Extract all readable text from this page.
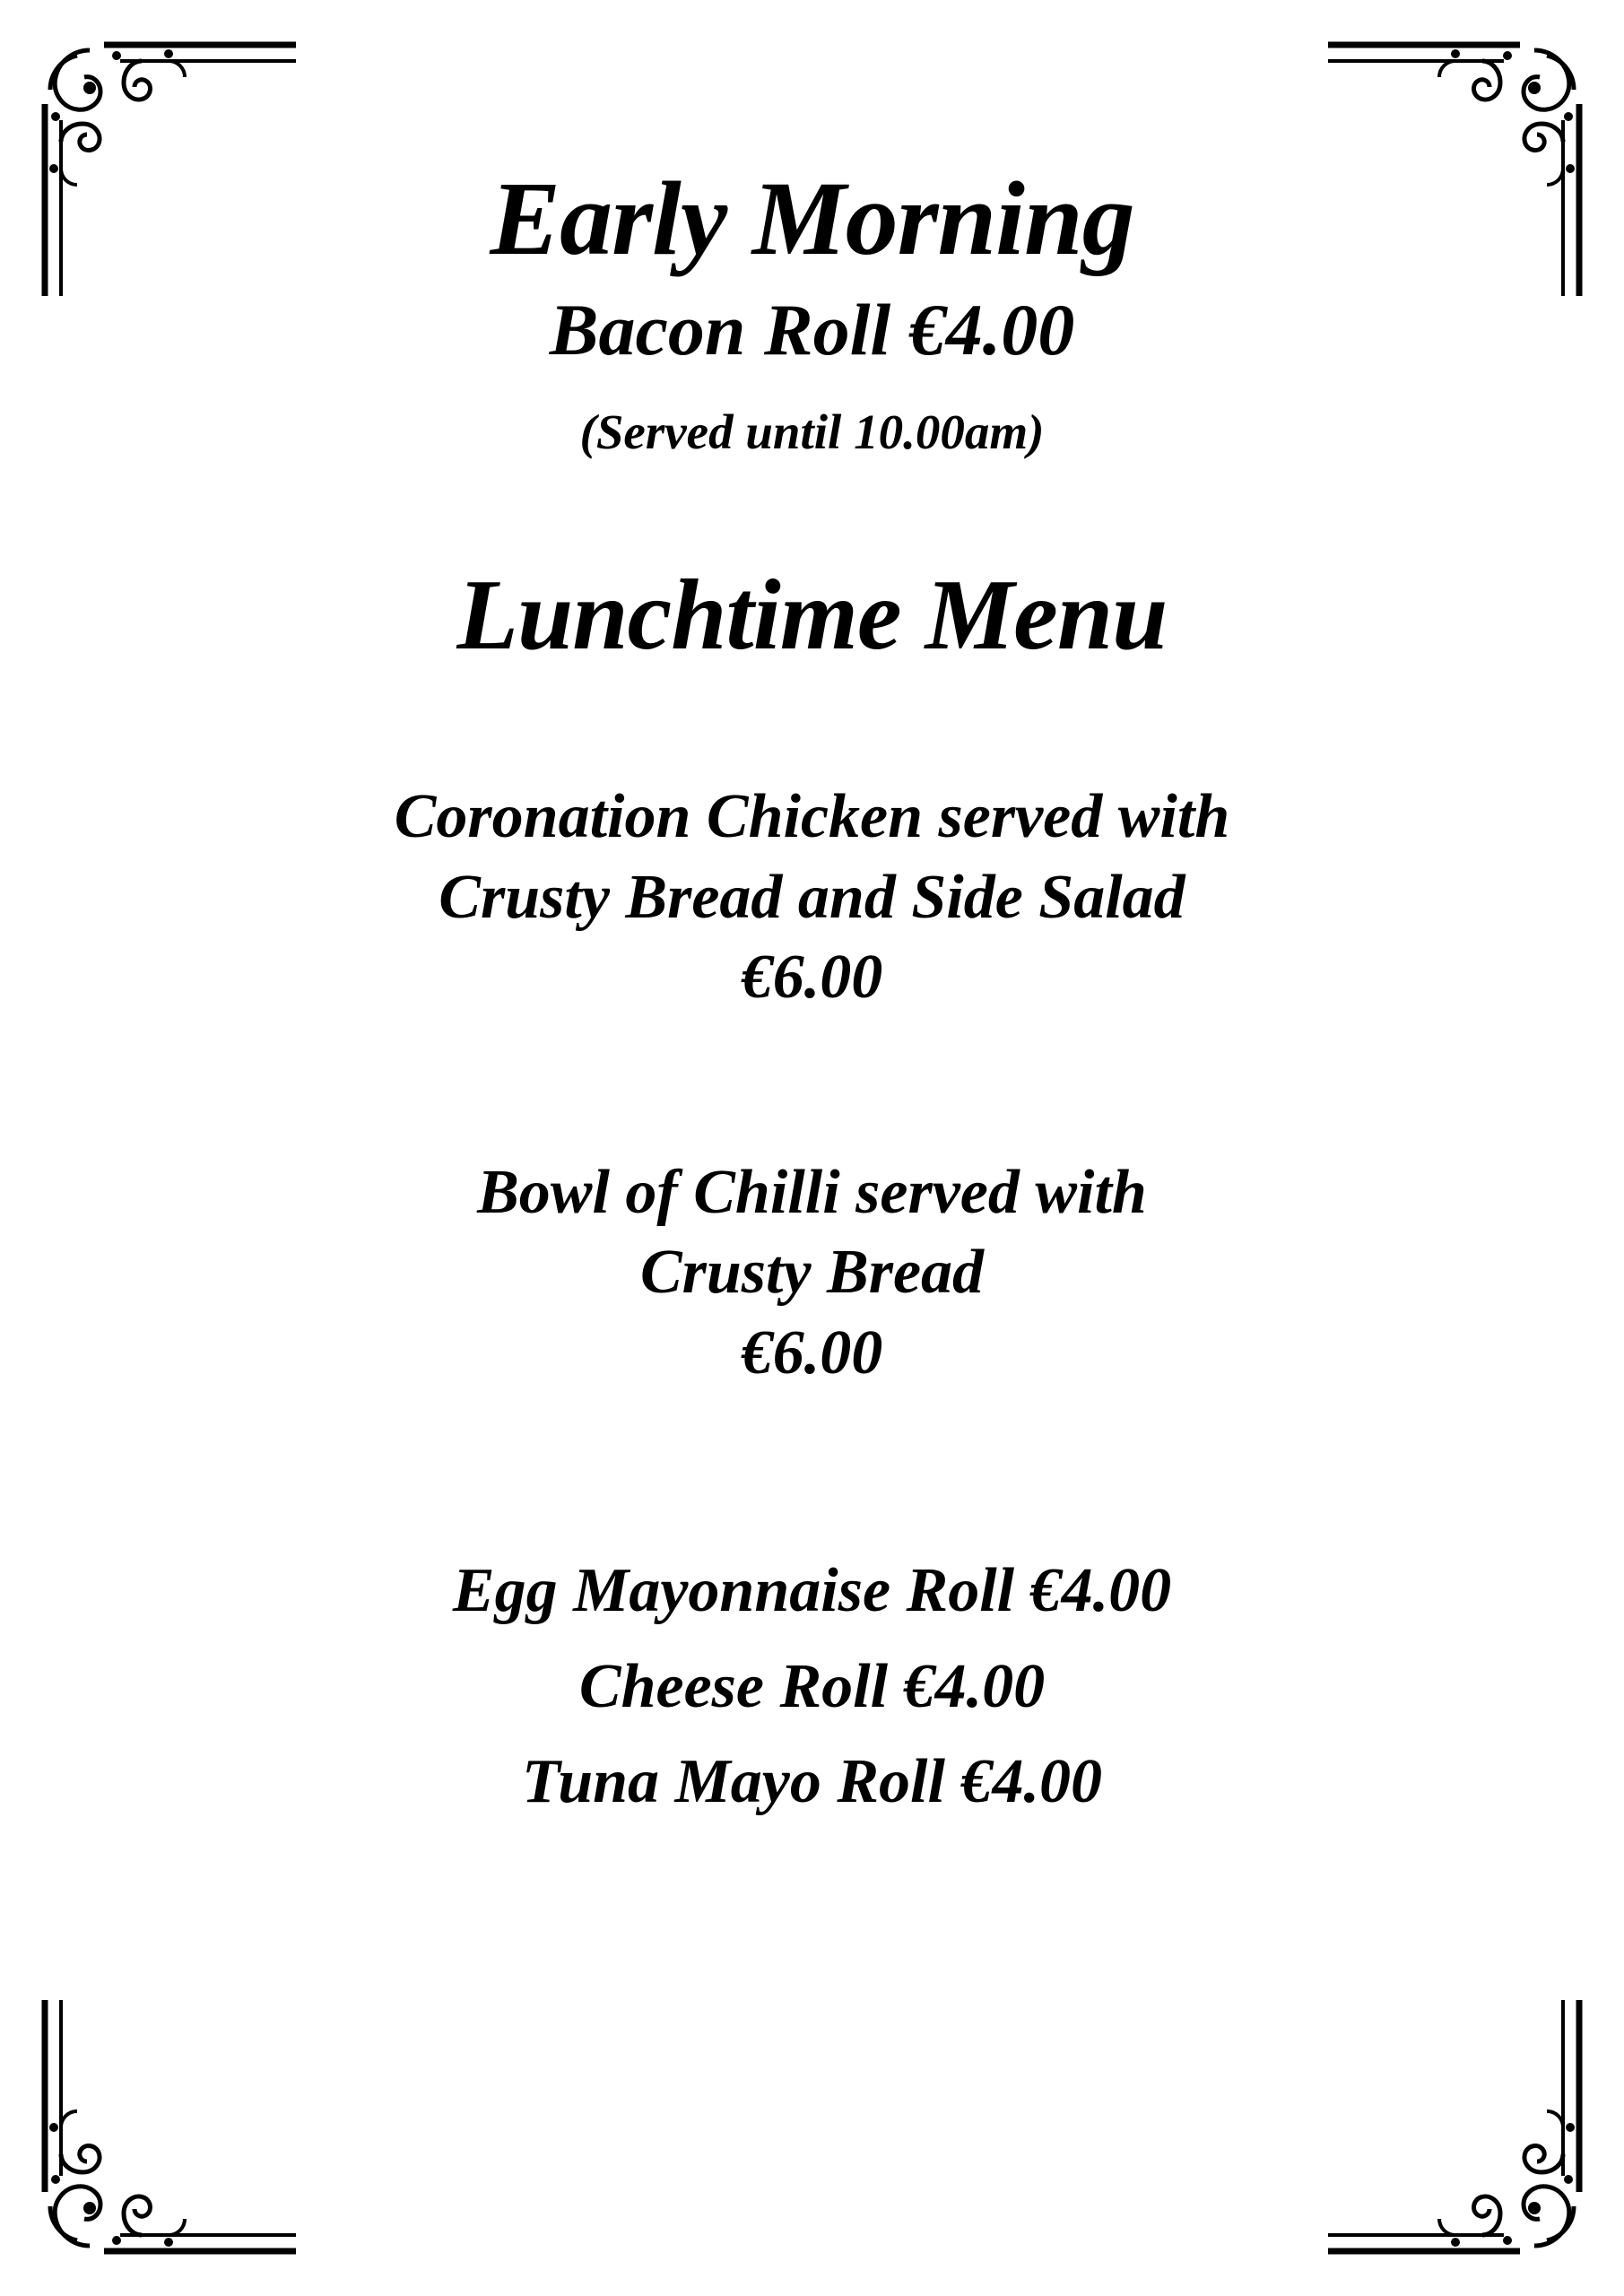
Early Morning

Bacon Roll €4.00

(Served until 10.00am)

Lunchtime Menu

Coronation Chicken served with

Crusty Bread and Side Salad

€6.00

Bowl of Chilli served with

Crusty Bread

€6.00

Egg Mayonnaise Roll €4.00

Cheese Roll €4.00

Tuna Mayo Roll €4.00
